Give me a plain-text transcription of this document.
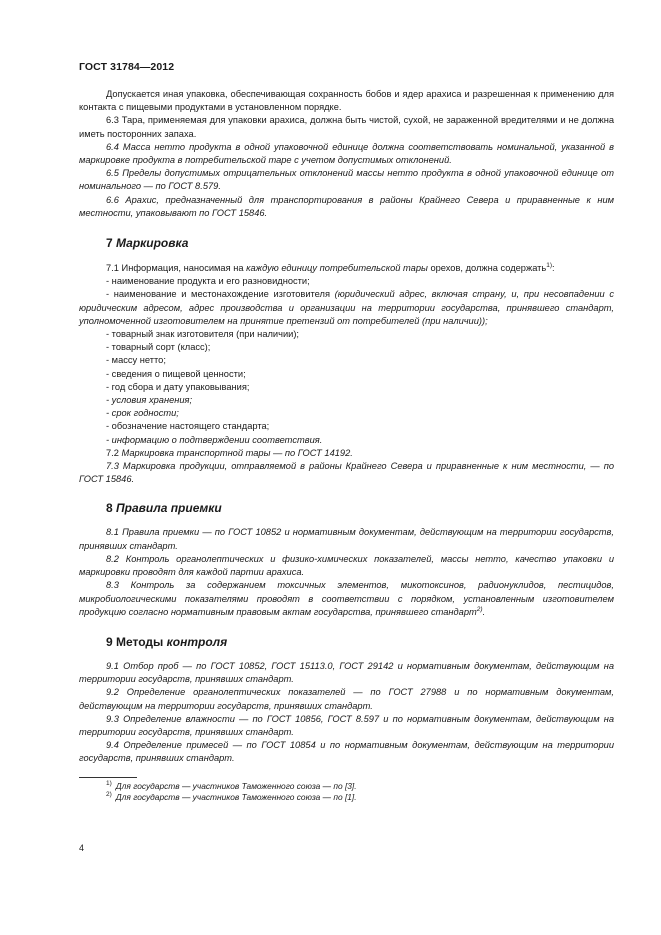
ГОСТ 31784—2012

Допускается иная упаковка, обеспечивающая сохранность бобов и ядер арахиса и разрешенная к применению для контакта с пищевыми продуктами в установленном порядке.

6.3 Тара, применяемая для упаковки арахиса, должна быть чистой, сухой, не зараженной вредителями и не должна иметь посторонних запаха.

6.4 Масса нетто продукта в одной упаковочной единице должна соответствовать номинальной, указанной в маркировке продукта в потребительской таре с учетом допустимых отклонений.

6.5 Пределы допустимых отрицательных отклонений массы нетто продукта в одной упаковочной единице от номинального — по ГОСТ 8.579.

6.6 Арахис, предназначенный для транспортирования в районы Крайнего Севера и приравненные к ним местности, упаковывают по ГОСТ 15846.

7 Маркировка

7.1 Информация, наносимая на каждую единицу потребительской тары орехов, должна содержать$^{1)}$:

- наименование продукта и его разновидности;

- наименование и местонахождение изготовителя (юридический адрес, включая страну, и, при несовпадении с юридическим адресом, адрес производства и организации на территории государства, принявшего стандарт, уполномоченной изготовителем на принятие претензий от потребителей (при наличии));

- товарный знак изготовителя (при наличии);

- товарный сорт (класс);

- массу нетто;

- сведения о пищевой ценности;

- год сбора и дату упаковывания;

- условия хранения;

- срок годности;

- обозначение настоящего стандарта;

- информацию о подтверждении соответствия.

7.2 Маркировка транспортной тары — по ГОСТ 14192.

7.3 Маркировка продукции, отправляемой в районы Крайнего Севера и приравненные к ним местности, — по ГОСТ 15846.

8 Правила приемки

8.1 Правила приемки — по ГОСТ 10852 и нормативным документам, действующим на территории государств, принявших стандарт.

8.2 Контроль органолептических и физико-химических показателей, массы нетто, качество упаковки и маркировки проводят для каждой партии арахиса.

8.3 Контроль за содержанием токсичных элементов, микотоксинов, радионуклидов, пестицидов, микробиологическими показателями проводят в соответствии с порядком, установленным изготовителем продукцию согласно нормативным правовым актам государства, принявшего стандарт$^{2)}$.

9 Методы контроля

9.1 Отбор проб — по ГОСТ 10852, ГОСТ 15113.0, ГОСТ 29142 и нормативным документам, действующим на территории государств, принявших стандарт.

9.2 Определение органолептических показателей — по ГОСТ 27988 и по нормативным документам, действующим на территории государств, принявших стандарт.

9.3 Определение влажности — по ГОСТ 10856, ГОСТ 8.597 и по нормативным документам, действующим на территории государств, принявших стандарт.

9.4 Определение примесей — по ГОСТ 10854 и по нормативным документам, действующим на территории государств, принявших стандарт.

$^{1)}$ Для государств — участников Таможенного союза — по [3].
$^{2)}$ Для государств — участников Таможенного союза — по [1].
4
